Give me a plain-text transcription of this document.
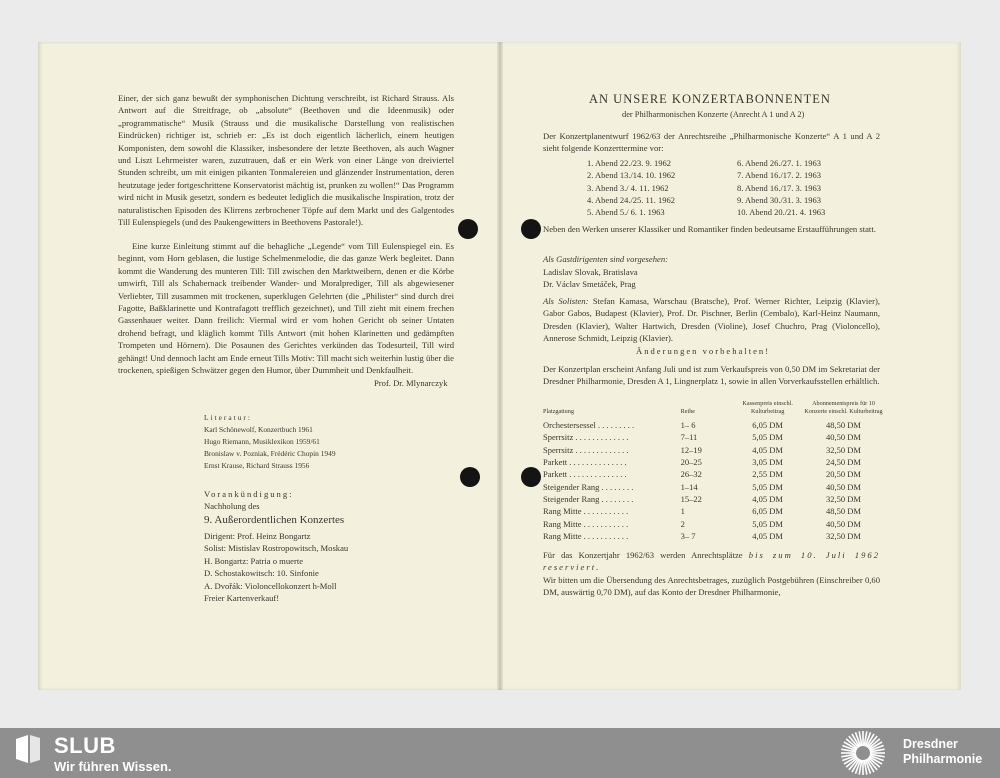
Einer, der sich ganz bewußt der symphonischen Dichtung verschreibt, ist Richard Strauss. Als Antwort auf die Streitfrage, ob „absolute“ (Beethoven und die Ideenmusik) oder „programmatische“ Musik (Strauss und die musikalische Darstellung von realistischen Eindrücken) richtiger ist, schrieb er: „Es ist doch eigentlich lächerlich, einem heutigen Komponisten, dem sowohl die Klassiker, insbesondere der letzte Beethoven, als auch Wagner und Liszt Lehrmeister waren, zuzutrauen, daß er ein Werk von einer Länge von dreiviertel Stunden schreibt, um mit einigen pikanten Tonmalereien und glänzender Instrumentation, deren heutzutage jeder fortgeschrittene Konservatorist mächtig ist, prunken zu wollen!“ Das Programm wird nicht in Musik gesetzt, sondern es bedeutet lediglich die musikalische Inspiration, trotz der naturalistischen Episoden des Klirrens zerbrochener Töpfe auf dem Markt und des Galgentodes Till Eulenspiegels (und des Paukengewitters in Beethovens Pastorale!).
Eine kurze Einleitung stimmt auf die behagliche „Legende“ vom Till Eulenspiegel ein. Es beginnt, vom Horn geblasen, die lustige Schelmenmelodie, die das ganze Werk begleitet. Dann kommt die Wanderung des munteren Till: Till zwischen den Marktweibern, denen er die Körbe umwirft, Till als Schabernack treibender Wander- und Moralprediger, Till als abgewiesener Verliebter, Till zusammen mit trockenen, superklugen Gelehrten (die „Philister“ sind durch drei Fagotte, Baßklarinette und Kontrafagott trefflich gezeichnet), und Till zieht mit einem frechen Gassenhauer weiter. Dann freilich: Viermal wird er vom hohen Gericht ob seiner Untaten drohend befragt, und kläglich kommt Tills Antwort (mit hohen Klarinetten und gedämpften Trompeten und Hörnern). Die Posaunen des Gerichtes verkünden das Todesurteil, Till wird gehängt! Und dennoch lacht am Ende erneut Tills Motiv: Till macht sich weiterhin lustig über die trockenen, spießigen Schwätzer gegen den Humor, über Dummheit und Denkfaulheit.
Prof. Dr. Mlynarczyk
Literatur:
Karl Schönewolf, Konzertbuch 1961
Hugo Riemann, Musiklexikon 1959/61
Bronislaw v. Pozniak, Frédéric Chopin 1949
Ernst Krause, Richard Strauss 1956
Vorankündigung:
Nachholung des
9. Außerordentlichen Konzertes
Dirigent: Prof. Heinz Bongartz
Solist: Mistislav Rostropowitsch, Moskau
H. Bongartz: Patria o muerte
D. Schostakowitsch: 10. Sinfonie
A. Dvořák: Violoncellokonzert h-Moll
Freier Kartenverkauf!
AN UNSERE KONZERTABONNENTEN
der Philharmonischen Konzerte (Anrecht A 1 und A 2)
Der Konzertplanentwurf 1962/63 der Anrechtsreihe „Philharmonische Konzerte“ A 1 und A 2 sieht folgende Konzerttermine vor:
1. Abend 22./23. 9. 1962	6. Abend 26./27. 1. 1963
2. Abend 13./14. 10. 1962	7. Abend 16./17. 2. 1963
3. Abend 3./ 4. 11. 1962	8. Abend 16./17. 3. 1963
4. Abend 24./25. 11. 1962	9. Abend 30./31. 3. 1963
5. Abend 5./ 6. 1. 1963	10. Abend 20./21. 4. 1963
Neben den Werken unserer Klassiker und Romantiker finden bedeutsame Erstaufführungen statt.
Als Gastdirigenten sind vorgesehen:
Ladislav Slovak, Bratislava
Dr. Václav Smetáček, Prag
Als Solisten: Stefan Kamasa, Warschau (Bratsche), Prof. Werner Richter, Leipzig (Klavier), Gabor Gabos, Budapest (Klavier), Prof. Dr. Pischner, Berlin (Cembalo), Karl-Heinz Naumann, Dresden (Klavier), Walter Hartwich, Dresden (Violine), Josef Chuchro, Prag (Violoncello), Annerose Schmidt, Leipzig (Klavier).
Änderungen vorbehalten!
Der Konzertplan erscheint Anfang Juli und ist zum Verkaufspreis von 0,50 DM im Sekretariat der Dresdner Philharmonie, Dresden A 1, Lingnerplatz 1, sowie in allen Vorverkaufsstellen erhältlich.
Platzgattung	Reihe	Kassenpreis einschl. Kulturbeitrag	Abonnementspreis für 10 Konzerte einschl. Kulturbeitrag
Orchestersessel . . . . . . . . .	1– 6	6,05 DM	48,50 DM
Sperrsitz . . . . . . . . . . . . .	7–11	5,05 DM	40,50 DM
Sperrsitz . . . . . . . . . . . . .	12–19	4,05 DM	32,50 DM
Parkett . . . . . . . . . . . . . .	20–25	3,05 DM	24,50 DM
Parkett . . . . . . . . . . . . . .	26–32	2,55 DM	20,50 DM
Steigender Rang . . . . . . . .	1–14	5,05 DM	40,50 DM
Steigender Rang . . . . . . . .	15–22	4,05 DM	32,50 DM
Rang Mitte . . . . . . . . . . .	1	6,05 DM	48,50 DM
Rang Mitte . . . . . . . . . . .	2	5,05 DM	40,50 DM
Rang Mitte . . . . . . . . . . .	3– 7	4,05 DM	32,50 DM
Für das Konzertjahr 1962/63 werden Anrechtsplätze bis zum 10. Juli 1962 reserviert.
Wir bitten um die Übersendung des Anrechtsbetrages, zuzüglich Postgebühren (Einschreiber 0,60 DM, auswärtig 0,70 DM), auf das Konto der Dresdner Philharmonie,
SLUB
Wir führen Wissen.
Dresdner
Philharmonie
